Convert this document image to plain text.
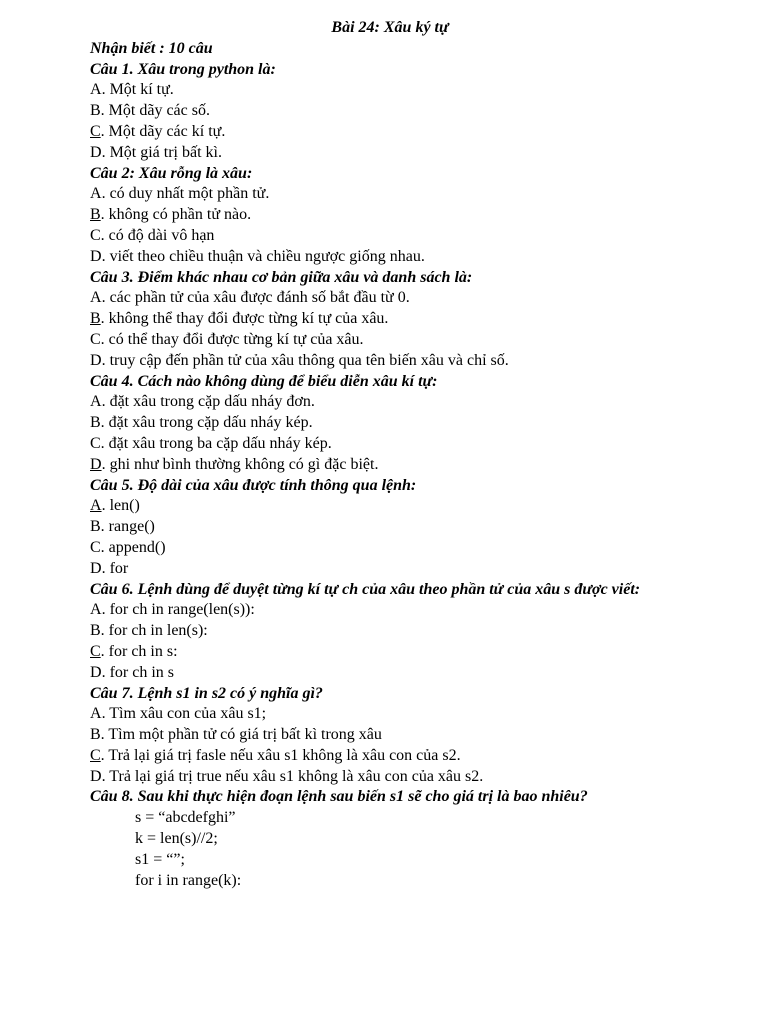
Bài 24: Xâu ký tự
Nhận biết : 10 câu
Câu 1. Xâu trong python là:
A. Một kí tự.
B. Một dãy các số.
C. Một dãy các kí tự.
D. Một giá trị bất kì.
Câu 2: Xâu rỗng là xâu:
A. có duy nhất một phần tử.
B. không có phần tử nào.
C. có độ dài vô hạn
D. viết theo chiều thuận và chiều ngược giống nhau.
Câu 3. Điểm khác nhau cơ bản giữa xâu và danh sách là:
A. các phần tử của xâu được đánh số bắt đầu từ 0.
B. không thể thay đổi được từng kí tự của xâu.
C. có thể thay đổi được từng kí tự của xâu.
D. truy cập đến phần tử của xâu thông qua tên biến xâu và chỉ số.
Câu 4. Cách nào không dùng để biểu diễn xâu kí tự:
A. đặt xâu trong cặp dấu nháy đơn.
B. đặt xâu trong cặp dấu nháy kép.
C. đặt xâu trong ba cặp dấu nháy kép.
D. ghi như bình thường không có gì đặc biệt.
Câu 5. Độ dài của xâu được tính thông qua lệnh:
A. len()
B. range()
C. append()
D. for
Câu 6. Lệnh dùng để duyệt từng kí tự ch của xâu theo phần tử của xâu s được viết:
A. for ch in range(len(s)):
B. for ch in len(s):
C. for ch in s:
D. for ch in s
Câu 7. Lệnh s1 in s2 có ý nghĩa gì?
A. Tìm xâu con của xâu s1;
B. Tìm một phần tử có giá trị bất kì trong xâu
C. Trả lại giá trị fasle nếu xâu s1 không là xâu con của s2.
D. Trả lại giá trị true nếu xâu s1 không là xâu con của xâu s2.
Câu 8. Sau khi thực hiện đoạn lệnh sau biến s1 sẽ cho giá trị là bao nhiêu?
s = “abcdefghi”
k = len(s)//2;
s1 = “”;
for i in range(k):
